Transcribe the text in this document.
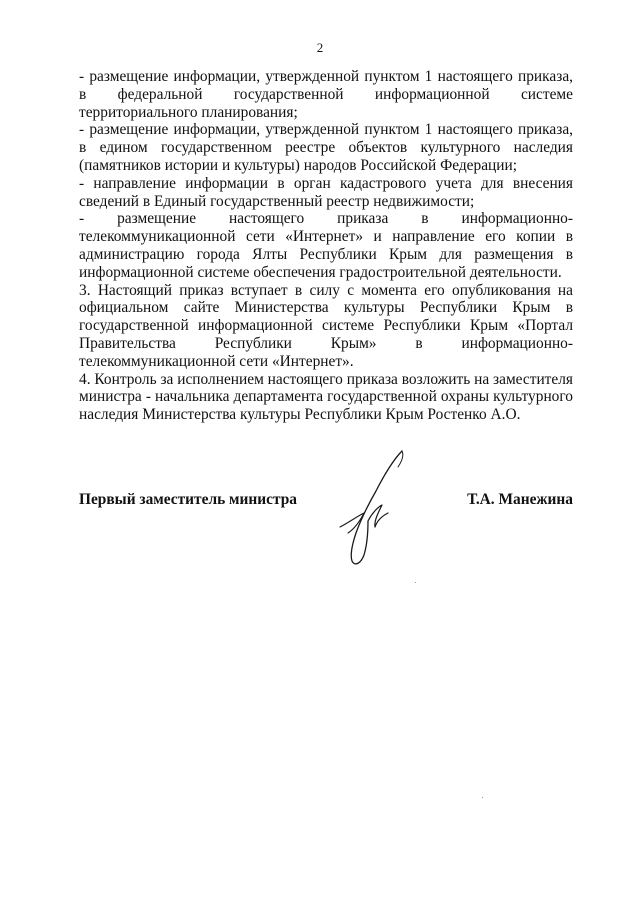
2

- размещение информации, утвержденной пунктом 1 настоящего приказа, в федеральной государственной информационной системе территориального планирования;

- размещение информации, утвержденной пунктом 1 настоящего приказа, в едином государственном реестре объектов культурного наследия (памятников истории и культуры) народов Российской Федерации;

- направление информации в орган кадастрового учета для внесения сведений в Единый государственный реестр недвижимости;

- размещение настоящего приказа в информационно-телекоммуникационной сети «Интернет» и направление его копии в администрацию города Ялты Республики Крым для размещения в информационной системе обеспечения градостроительной деятельности.

3. Настоящий приказ вступает в силу с момента его опубликования на официальном сайте Министерства культуры Республики Крым в государственной информационной системе Республики Крым «Портал Правительства Республики Крым» в информационно-телекоммуникационной сети «Интернет».

4. Контроль за исполнением настоящего приказа возложить на заместителя министра - начальника департамента государственной охраны культурного наследия Министерства культуры Республики Крым Ростенко А.О.

Первый заместитель министра	Т.А. Манежина
